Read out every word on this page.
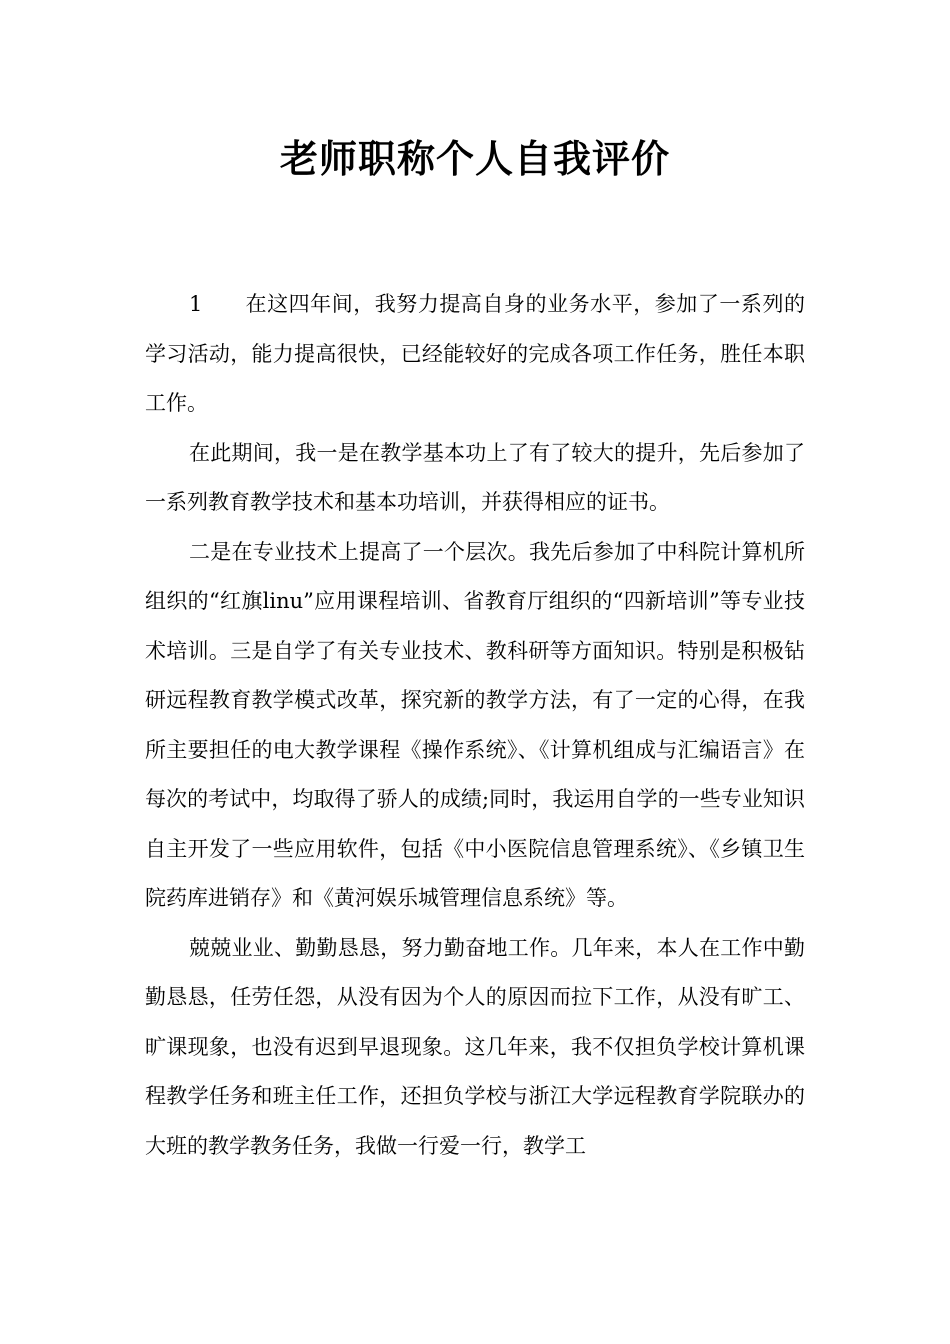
老师职称个人自我评价

1 在这四年间，我努力提高自身的业务水平，参加了一系列的学习活动，能力提高很快，已经能较好的完成各项工作任务，胜任本职工作。

在此期间，我一是在教学基本功上了有了较大的提升，先后参加了一系列教育教学技术和基本功培训，并获得相应的证书。

二是在专业技术上提高了一个层次。我先后参加了中科院计算机所组织的“红旗linu”应用课程培训、省教育厅组织的“四新培训”等专业技术培训。三是自学了有关专业技术、教科研等方面知识。特别是积极钻研远程教育教学模式改革，探究新的教学方法，有了一定的心得，在我所主要担任的电大教学课程《操作系统》、《计算机组成与汇编语言》在每次的考试中，均取得了骄人的成绩;同时，我运用自学的一些专业知识自主开发了一些应用软件，包括《中小医院信息管理系统》、《乡镇卫生院药库进销存》和《黄河娱乐城管理信息系统》等。

兢兢业业、勤勤恳恳，努力勤奋地工作。几年来，本人在工作中勤勤恳恳，任劳任怨，从没有因为个人的原因而拉下工作，从没有旷工、旷课现象，也没有迟到早退现象。这几年来，我不仅担负学校计算机课程教学任务和班主任工作，还担负学校与浙江大学远程教育学院联办的大班的教学教务任务，我做一行爱一行，教学工
